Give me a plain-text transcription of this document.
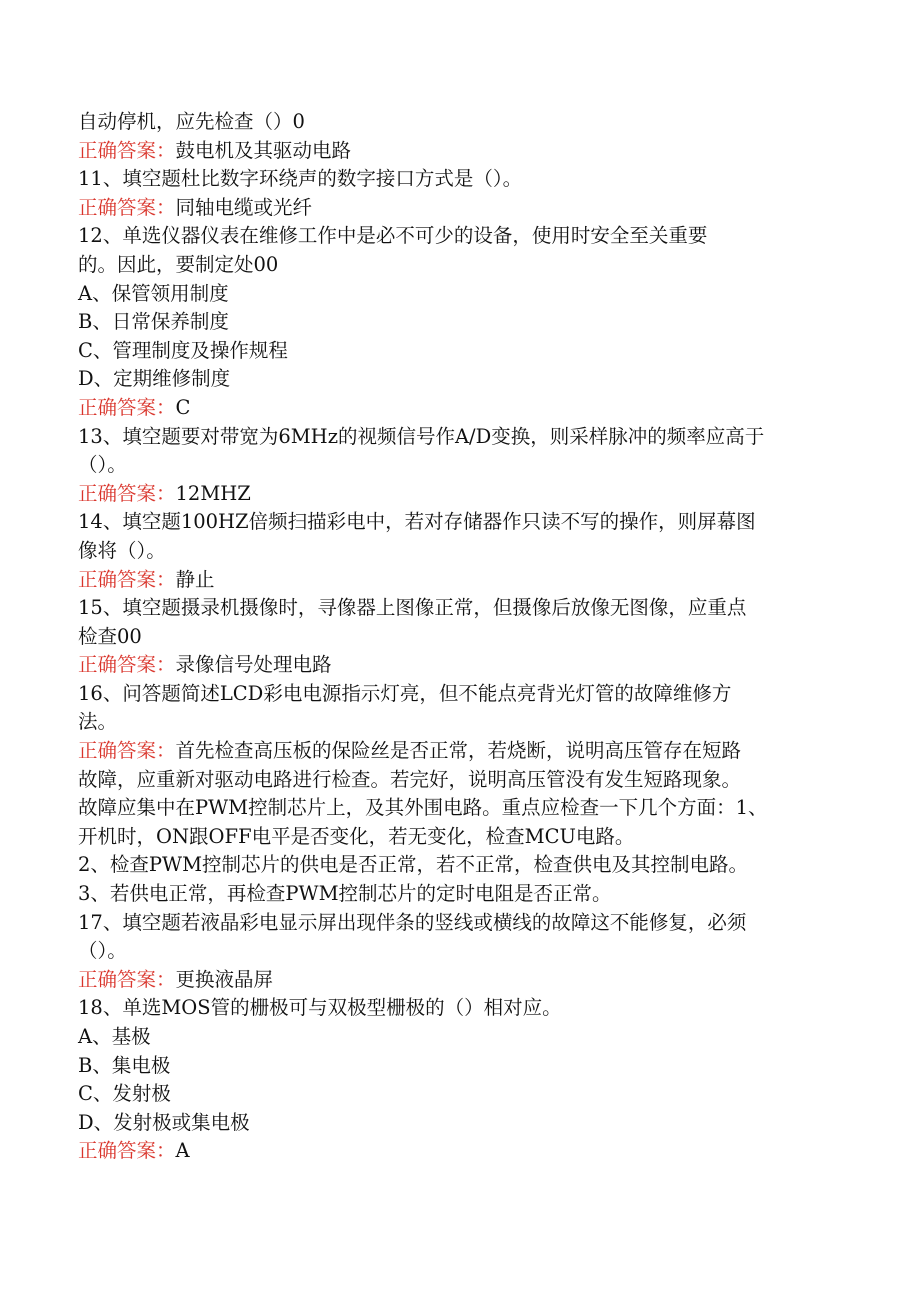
自动停机，应先检查（）0
正确答案：鼓电机及其驱动电路
11、填空题杜比数字环绕声的数字接口方式是（）。
正确答案：同轴电缆或光纤
12、单选仪器仪表在维修工作中是必不可少的设备，使用时安全至关重要
的。因此，要制定处00
A、保管领用制度
B、日常保养制度
C、管理制度及操作规程
D、定期维修制度
正确答案：C
13、填空题要对带宽为6MHz的视频信号作A/D变换，则采样脉冲的频率应高于
（）。
正确答案：12MHZ
14、填空题100HZ倍频扫描彩电中，若对存储器作只读不写的操作，则屏幕图
像将（）。
正确答案：静止
15、填空题摄录机摄像时，寻像器上图像正常，但摄像后放像无图像，应重点
检查00
正确答案：录像信号处理电路
16、问答题简述LCD彩电电源指示灯亮，但不能点亮背光灯管的故障维修方
法。
正确答案：首先检查高压板的保险丝是否正常，若烧断，说明高压管存在短路
故障，应重新对驱动电路进行检查。若完好，说明高压管没有发生短路现象。
故障应集中在PWM控制芯片上，及其外围电路。重点应检查一下几个方面：1、
开机时，ON跟OFF电平是否变化，若无变化，检查MCU电路。
2、检查PWM控制芯片的供电是否正常，若不正常，检查供电及其控制电路。
3、若供电正常，再检查PWM控制芯片的定时电阻是否正常。
17、填空题若液晶彩电显示屏出现伴条的竖线或横线的故障这不能修复，必须
（）。
正确答案：更换液晶屏
18、单选MOS管的栅极可与双极型栅极的（）相对应。
A、基极
B、集电极
C、发射极
D、发射极或集电极
正确答案：A
